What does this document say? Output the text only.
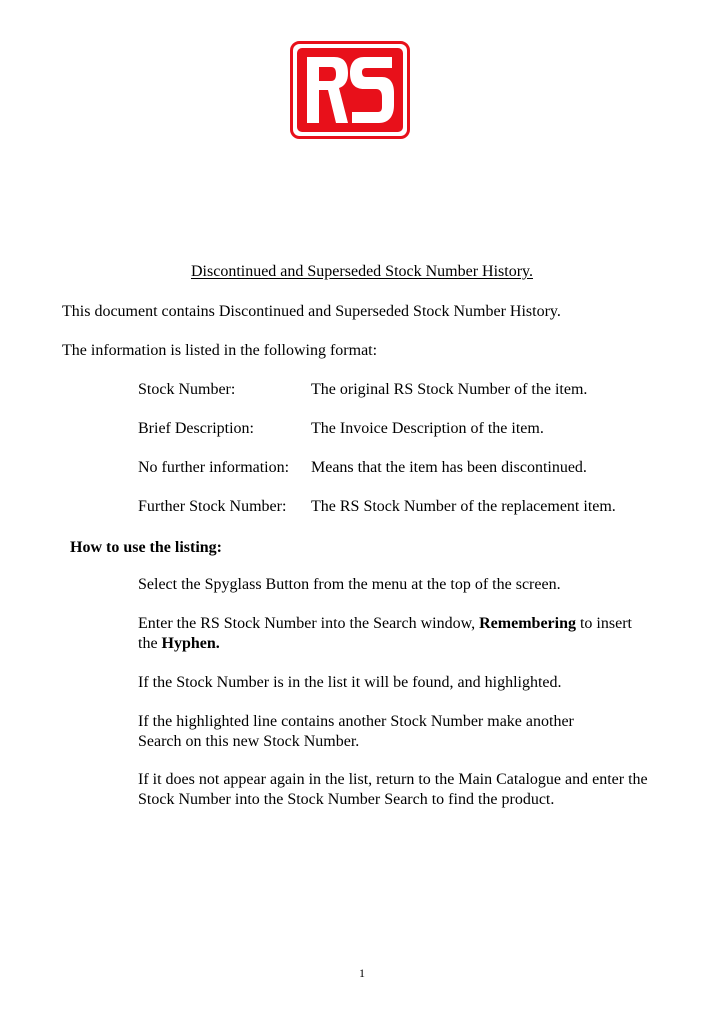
Discontinued and Superseded Stock Number History.
This document contains Discontinued and Superseded Stock Number History.
The information is listed in the following format:
Stock Number:	The original RS Stock Number of the item.
Brief Description:	The Invoice Description of the item.
No further information: Means that the item has been discontinued.
Further Stock Number: The RS Stock Number of the replacement item.
How to use the listing:
Select the Spyglass Button from the menu at the top of the screen.
Enter the RS Stock Number into the Search window, Remembering to insert the Hyphen.
If the Stock Number is in the list it will be found, and highlighted.
If the highlighted line contains another Stock Number make another Search on this new Stock Number.
If it does not appear again in the list, return to the Main Catalogue and enter the Stock Number into the Stock Number Search to find the product.
1
